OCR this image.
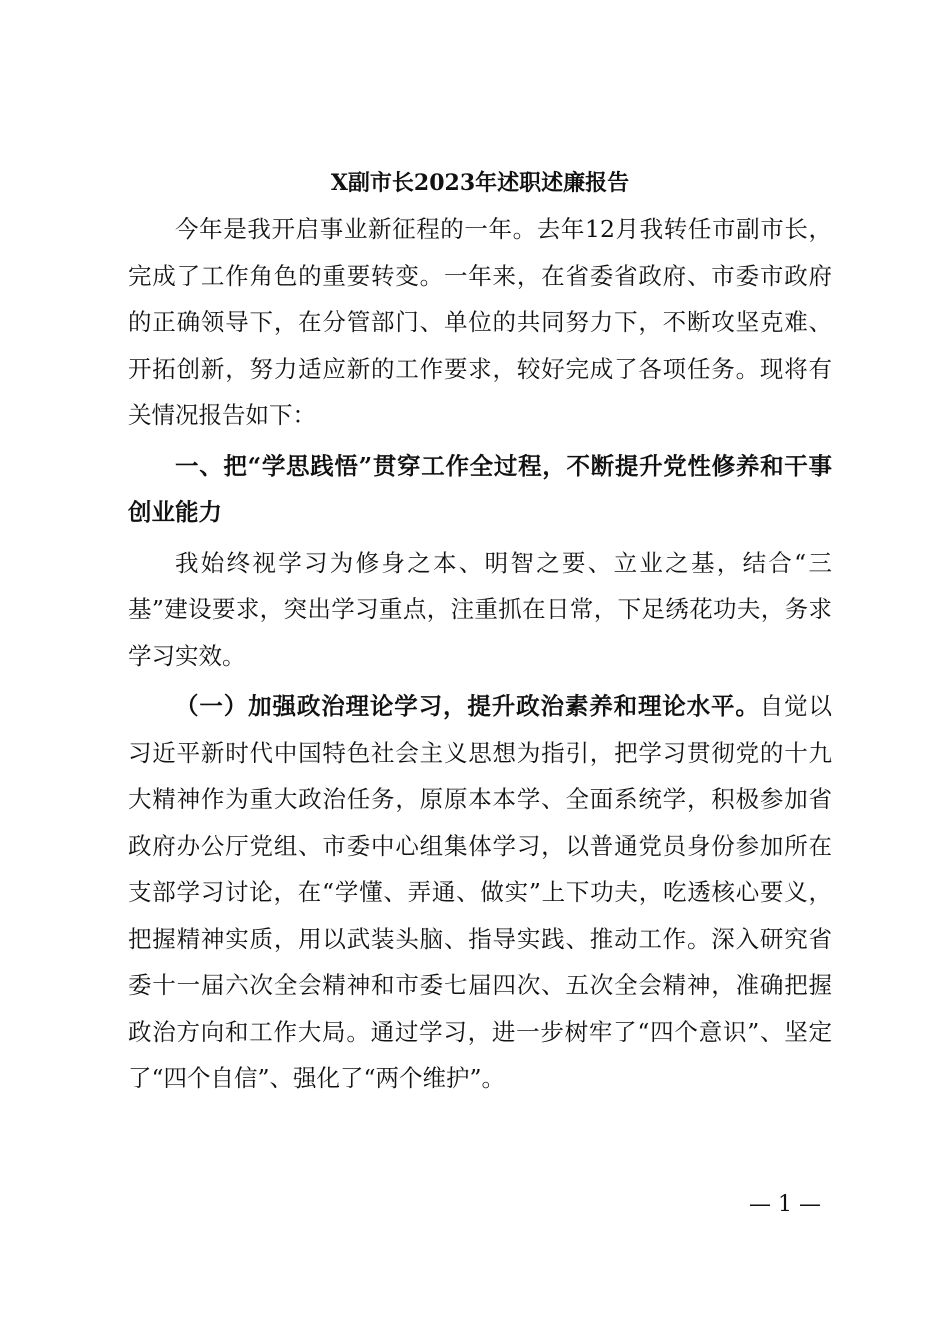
X副市长2023年述职述廉报告

今年是我开启事业新征程的一年。去年12月我转任市副市长，完成了工作角色的重要转变。一年来，在省委省政府、市委市政府的正确领导下，在分管部门、单位的共同努力下，不断攻坚克难、开拓创新，努力适应新的工作要求，较好完成了各项任务。现将有关情况报告如下：

一、把“学思践悟”贯穿工作全过程，不断提升党性修养和干事创业能力

我始终视学习为修身之本、明智之要、立业之基，结合“三基”建设要求，突出学习重点，注重抓在日常，下足绣花功夫，务求学习实效。

（一）加强政治理论学习，提升政治素养和理论水平。自觉以习近平新时代中国特色社会主义思想为指引，把学习贯彻党的十九大精神作为重大政治任务，原原本本学、全面系统学，积极参加省政府办公厅党组、市委中心组集体学习，以普通党员身份参加所在支部学习讨论，在“学懂、弄通、做实”上下功夫，吃透核心要义，把握精神实质，用以武装头脑、指导实践、推动工作。深入研究省委十一届六次全会精神和市委七届四次、五次全会精神，准确把握政治方向和工作大局。通过学习，进一步树牢了“四个意识”、坚定了“四个自信”、强化了“两个维护”。

— 1 —
